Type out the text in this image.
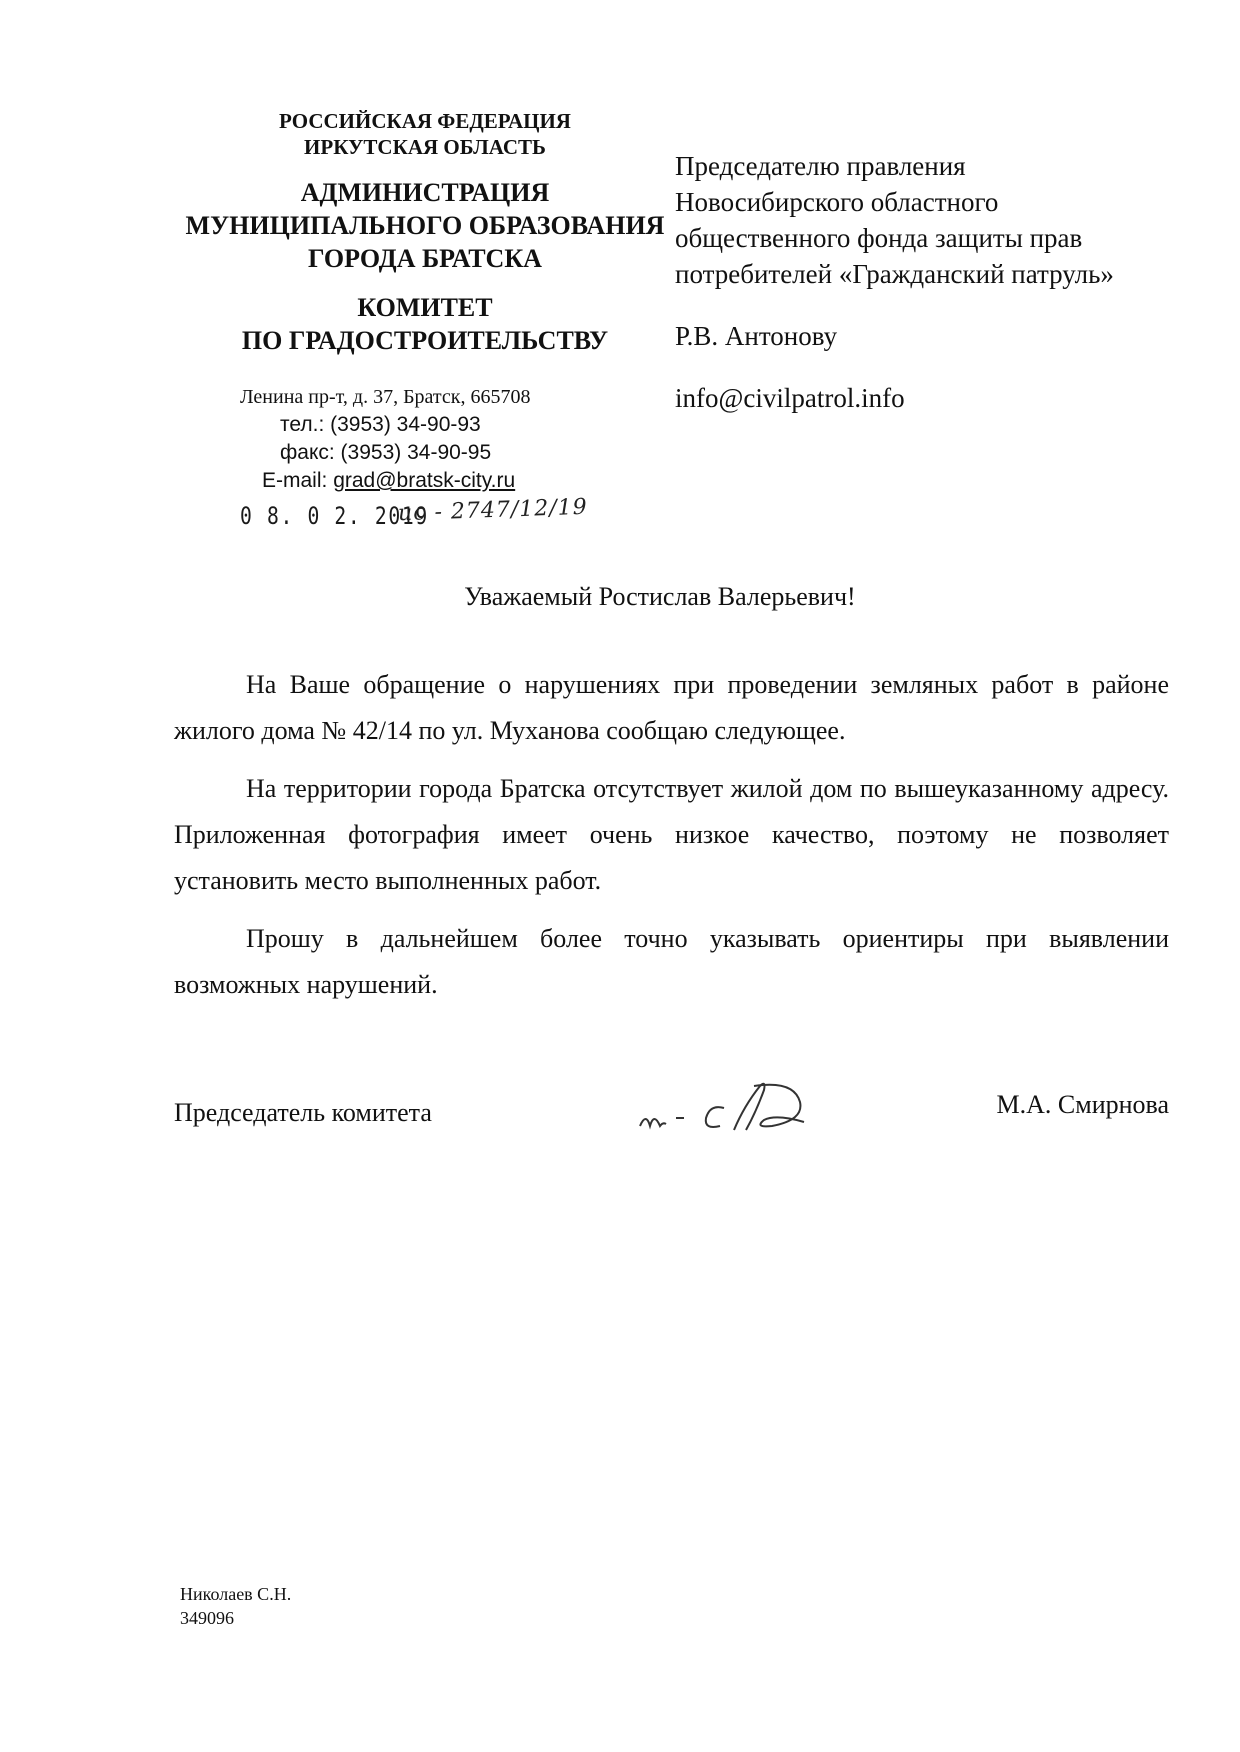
РОССИЙСКАЯ ФЕДЕРАЦИЯ
ИРКУТСКАЯ ОБЛАСТЬ
АДМИНИСТРАЦИЯ
МУНИЦИПАЛЬНОГО ОБРАЗОВАНИЯ
ГОРОДА БРАТСКА
КОМИТЕТ
ПО ГРАДОСТРОИТЕЛЬСТВУ
Ленина пр-т, д. 37, Братск, 665708
тел.: (3953) 34-90-93
факс: (3953) 34-90-95
E-mail: grad@bratsk-city.ru
0 8. 0 2. 2019
ис - 2747/12/19
Председателю правления
Новосибирского областного
общественного фонда защиты прав
потребителей «Гражданский патруль»
Р.В. Антонову
info@civilpatrol.info
Уважаемый Ростислав Валерьевич!

На Ваше обращение о нарушениях при проведении земляных работ в районе жилого дома № 42/14 по ул. Муханова сообщаю следующее.

На территории города Братска отсутствует жилой дом по вышеуказанному адресу. Приложенная фотография имеет очень низкое качество, поэтому не позволяет установить место выполненных работ.

Прошу в дальнейшем более точно указывать ориентиры при выявлении возможных нарушений.

Председатель комитета	М.А. Смирнова
Николаев С.Н.
349096
